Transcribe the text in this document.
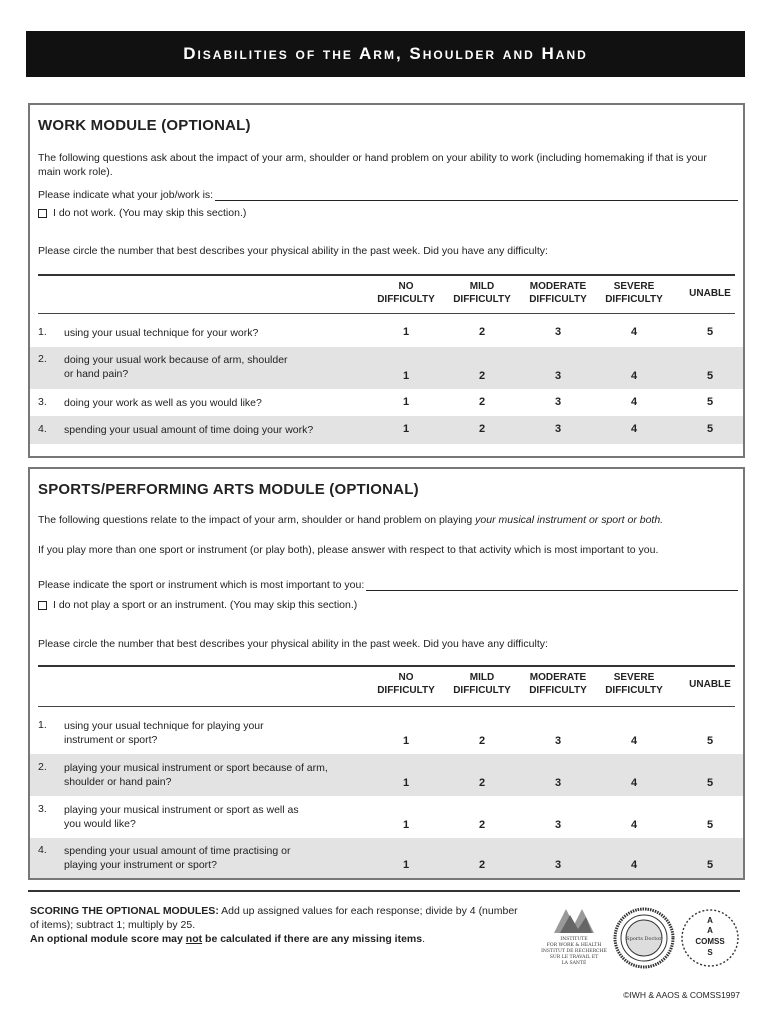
Disabilities of the Arm, Shoulder and Hand
WORK MODULE (OPTIONAL)
The following questions ask about the impact of your arm, shoulder or hand problem on your ability to work (including homemaking if that is your main work role).
Please indicate what your job/work is:
I do not work. (You may skip this section.)
Please circle the number that best describes your physical ability in the past week. Did you have any difficulty:
NO
DIFFICULTY
MILD
DIFFICULTY
MODERATE
DIFFICULTY
SEVERE
DIFFICULTY
UNABLE
1. using your usual technique for your work?	1	2	3	4	5
2. doing your usual work because of arm, shoulder or hand pain?	1	2	3	4	5
3. doing your work as well as you would like?	1	2	3	4	5
4. spending your usual amount of time doing your work?	1	2	3	4	5
SPORTS/PERFORMING ARTS MODULE (OPTIONAL)
The following questions relate to the impact of your arm, shoulder or hand problem on playing your musical instrument or sport or both.
If you play more than one sport or instrument (or play both), please answer with respect to that activity which is most important to you.
Please indicate the sport or instrument which is most important to you:
I do not play a sport or an instrument. (You may skip this section.)
Please circle the number that best describes your physical ability in the past week. Did you have any difficulty:
NO
DIFFICULTY
MILD
DIFFICULTY
MODERATE
DIFFICULTY
SEVERE
DIFFICULTY
UNABLE
1. using your usual technique for playing your instrument or sport?	1	2	3	4	5
2. playing your musical instrument or sport because of arm, shoulder or hand pain?	1	2	3	4	5
3. playing your musical instrument or sport as well as you would like?	1	2	3	4	5
4. spending your usual amount of time practising or playing your instrument or sport?	1	2	3	4	5
SCORING THE OPTIONAL MODULES: Add up assigned values for each response; divide by 4 (number of items); subtract 1; multiply by 25.
An optional module score may not be calculated if there are any missing items.	INSTITUTE
FOR WORK & HEALTH
INSTITUT DE RECHERCHE
SUR LE TRAVAIL ET
LA SANTÉ
Sports Doctor
A
A
COMSS
S
©IWH & AAOS & COMSS1997
